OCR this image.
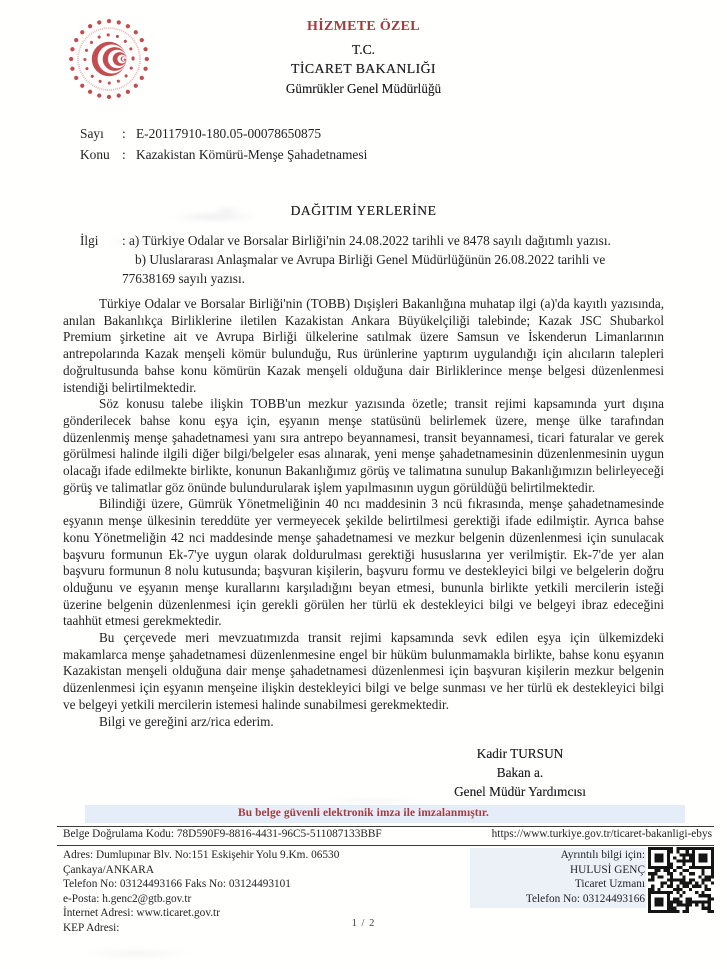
HİZMETE ÖZEL
T.C.
TİCARET BAKANLIĞI
Gümrükler Genel Müdürlüğü
Sayı	: E-20117910-180.05-00078650875
Konu : Kazakistan Kömürü-Menşe Şahadetnamesi
DAĞITIM YERLERİNE
İlgi : a) Türkiye Odalar ve Borsalar Birliği'nin 24.08.2022 tarihli ve 8478 sayılı dağıtımlı yazısı.
b) Uluslararası Anlaşmalar ve Avrupa Birliği Genel Müdürlüğünün 26.08.2022 tarihli ve
77638169 sayılı yazısı.

Türkiye Odalar ve Borsalar Birliği'nin (TOBB) Dışişleri Bakanlığına muhatap ilgi (a)'da kayıtlı yazısında, anılan Bakanlıkça Birliklerine iletilen Kazakistan Ankara Büyükelçiliği talebinde; Kazak JSC Shubarkol Premium şirketine ait ve Avrupa Birliği ülkelerine satılmak üzere Samsun ve İskenderun Limanlarının antrepolarında Kazak menşeli kömür bulunduğu, Rus ürünlerine yaptırım uygulandığı için alıcıların talepleri doğrultusunda bahse konu kömürün Kazak menşeli olduğuna dair Birliklerince menşe belgesi düzenlenmesi istendiği belirtilmektedir.

Söz konusu talebe ilişkin TOBB'un mezkur yazısında özetle; transit rejimi kapsamında yurt dışına gönderilecek bahse konu eşya için, eşyanın menşe statüsünü belirlemek üzere, menşe ülke tarafından düzenlenmiş menşe şahadetnamesi yanı sıra antrepo beyannamesi, transit beyannamesi, ticari faturalar ve gerek görülmesi halinde ilgili diğer bilgi/belgeler esas alınarak, yeni menşe şahadetnamesinin düzenlenmesinin uygun olacağı ifade edilmekte birlikte, konunun Bakanlığımız görüş ve talimatına sunulup Bakanlığımızın belirleyeceği görüş ve talimatlar göz önünde bulundurularak işlem yapılmasının uygun görüldüğü belirtilmektedir.

Bilindiği üzere, Gümrük Yönetmeliğinin 40 ncı maddesinin 3 ncü fıkrasında, menşe şahadetnamesinde eşyanın menşe ülkesinin tereddüte yer vermeyecek şekilde belirtilmesi gerektiği ifade edilmiştir. Ayrıca bahse konu Yönetmeliğin 42 nci maddesinde menşe şahadetnamesi ve mezkur belgenin düzenlenmesi için sunulacak başvuru formunun Ek-7'ye uygun olarak doldurulması gerektiği hususlarına yer verilmiştir. Ek-7'de yer alan başvuru formunun 8 nolu kutusunda; başvuran kişilerin, başvuru formu ve destekleyici bilgi ve belgelerin doğru olduğunu ve eşyanın menşe kurallarını karşıladığını beyan etmesi, bununla birlikte yetkili mercilerin isteği üzerine belgenin düzenlenmesi için gerekli görülen her türlü ek destekleyici bilgi ve belgeyi ibraz edeceğini taahhüt etmesi gerekmektedir.

Bu çerçevede meri mevzuatımızda transit rejimi kapsamında sevk edilen eşya için ülkemizdeki makamlarca menşe şahadetnamesi düzenlenmesine engel bir hüküm bulunmamakla birlikte, bahse konu eşyanın Kazakistan menşeli olduğuna dair menşe şahadetnamesi düzenlenmesi için başvuran kişilerin mezkur belgenin düzenlenmesi için eşyanın menşeine ilişkin destekleyici bilgi ve belge sunması ve her türlü ek destekleyici bilgi ve belgeyi yetkili mercilerin istemesi halinde sunabilmesi gerekmektedir.

Bilgi ve gereğini arz/rica ederim.

Kadir TURSUN
Bakan a.
Genel Müdür Yardımcısı
Bu belge güvenli elektronik imza ile imzalanmıştır.
Belge Doğrulama Kodu: 78D590F9-8816-4431-96C5-511087133BBF	https://www.turkiye.gov.tr/ticaret-bakanligi-ebys
Adres: Dumlupınar Blv. No:151 Eskişehir Yolu 9.Km. 06530
Çankaya/ANKARA
Telefon No: 03124493166 Faks No: 03124493101
e-Posta: h.genc2@gtb.gov.tr
İnternet Adresi: www.ticaret.gov.tr
KEP Adresi:
Ayrıntılı bilgi için:
HULUSİ GENÇ
Ticaret Uzmanı
Telefon No: 03124493166
1 / 2
